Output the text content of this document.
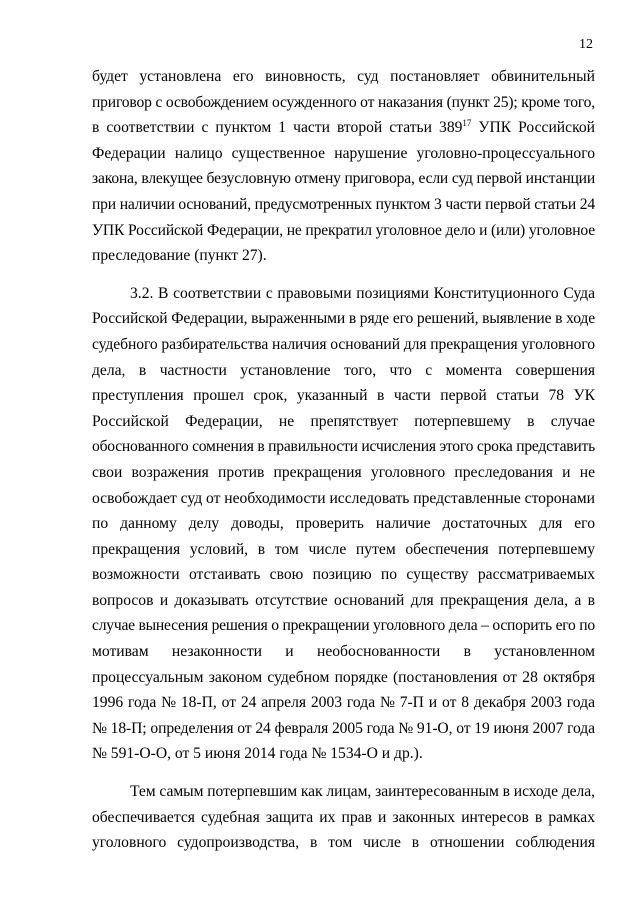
12

будет установлена его виновность, суд постановляет обвинительный
приговор с освобождением осужденного от наказания (пункт 25); кроме того,
в соответствии с пунктом 1 части второй статьи $389^{17}$ УПК Российской
Федерации налицо существенное нарушение уголовно-процессуального
закона, влекущее безусловную отмену приговора, если суд первой инстанции
при наличии оснований, предусмотренных пунктом 3 части первой статьи 24
УПК Российской Федерации, не прекратил уголовное дело и (или) уголовное
преследование (пункт 27).

3.2. В соответствии с правовыми позициями Конституционного Суда
Российской Федерации, выраженными в ряде его решений, выявление в ходе
судебного разбирательства наличия оснований для прекращения уголовного
дела, в частности установление того, что с момента совершения
преступления прошел срок, указанный в части первой статьи 78 УК
Российской Федерации, не препятствует потерпевшему в случае
обоснованного сомнения в правильности исчисления этого срока представить
свои возражения против прекращения уголовного преследования и не
освобождает суд от необходимости исследовать представленные сторонами
по данному делу доводы, проверить наличие достаточных для его
прекращения условий, в том числе путем обеспечения потерпевшему
возможности отстаивать свою позицию по существу рассматриваемых
вопросов и доказывать отсутствие оснований для прекращения дела, а в
случае вынесения решения о прекращении уголовного дела – оспорить его по
мотивам незаконности и необоснованности в установленном
процессуальным законом судебном порядке (постановления от 28 октября
1996 года № 18-П, от 24 апреля 2003 года № 7-П и от 8 декабря 2003 года
№ 18-П; определения от 24 февраля 2005 года № 91-О, от 19 июня 2007 года
№ 591-О-О, от 5 июня 2014 года № 1534-О и др.).

Тем самым потерпевшим как лицам, заинтересованным в исходе дела,
обеспечивается судебная защита их прав и законных интересов в рамках
уголовного судопроизводства, в том числе в отношении соблюдения
